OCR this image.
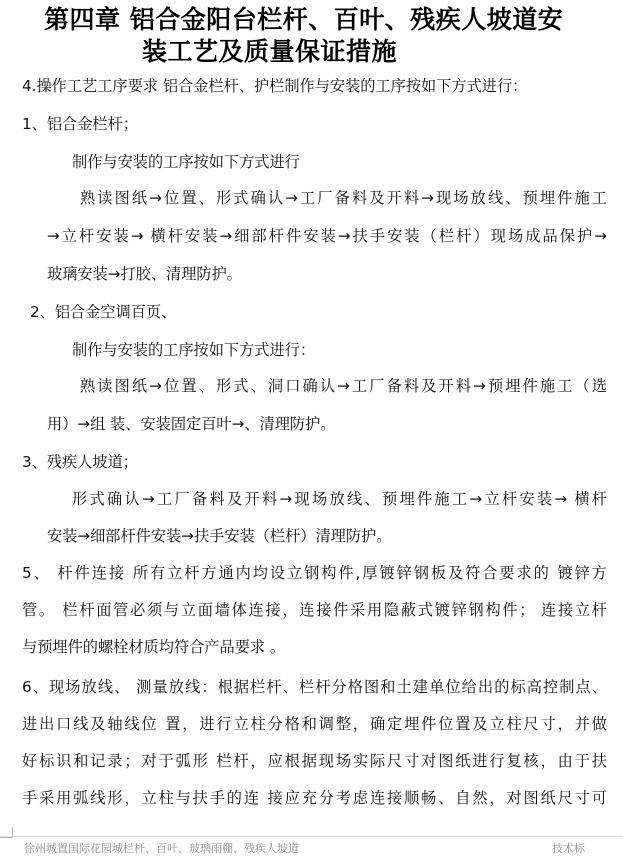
第四章 铝合金阳台栏杆、百叶、残疾人坡道安
装工艺及质量保证措施

4.操作工艺工序要求 铝合金栏杆、护栏制作与安装的工序按如下方式进行：

1、铝合金栏杆；

制作与安装的工序按如下方式进行

熟读图纸→位置、形式确认→工厂备料及开料→现场放线、预埋件施工

→立杆安装→ 横杆安装→细部杆件安装→扶手安装（栏杆）现场成品保护→

玻璃安装→打胶、清理防护。

2、铝合金空调百页、

制作与安装的工序按如下方式进行：

熟读图纸→位置、形式、洞口确认→工厂备料及开料→预埋件施工（选

用）→组 装、安装固定百叶→、清理防护。

3、残疾人坡道；

形式确认→工厂备料及开料→现场放线、预埋件施工→立杆安装→ 横杆

安装→细部杆件安装→扶手安装（栏杆）清理防护。

5、 杆件连接 所有立杆方通内均设立钢构件,厚镀锌钢板及符合要求的 镀锌方

管。 栏杆面管必须与立面墙体连接，连接件采用隐蔽式镀锌钢构件； 连接立杆

与预埋件的螺栓材质均符合产品要求 。

6、现场放线、 测量放线：根据栏杆、栏杆分格图和土建单位给出的标高控制点、

进出口线及轴线位 置，进行立柱分格和调整，确定埋件位置及立柱尺寸，并做

好标识和记录；对于弧形 栏杆，应根据现场实际尺寸对图纸进行复核，由于扶

手采用弧线形，立柱与扶手的连 接应充分考虑连接顺畅、自然，对图纸尺寸可

徐州城置国际花园城栏杆、百叶、玻璃雨棚、残疾人坡道	技术标
